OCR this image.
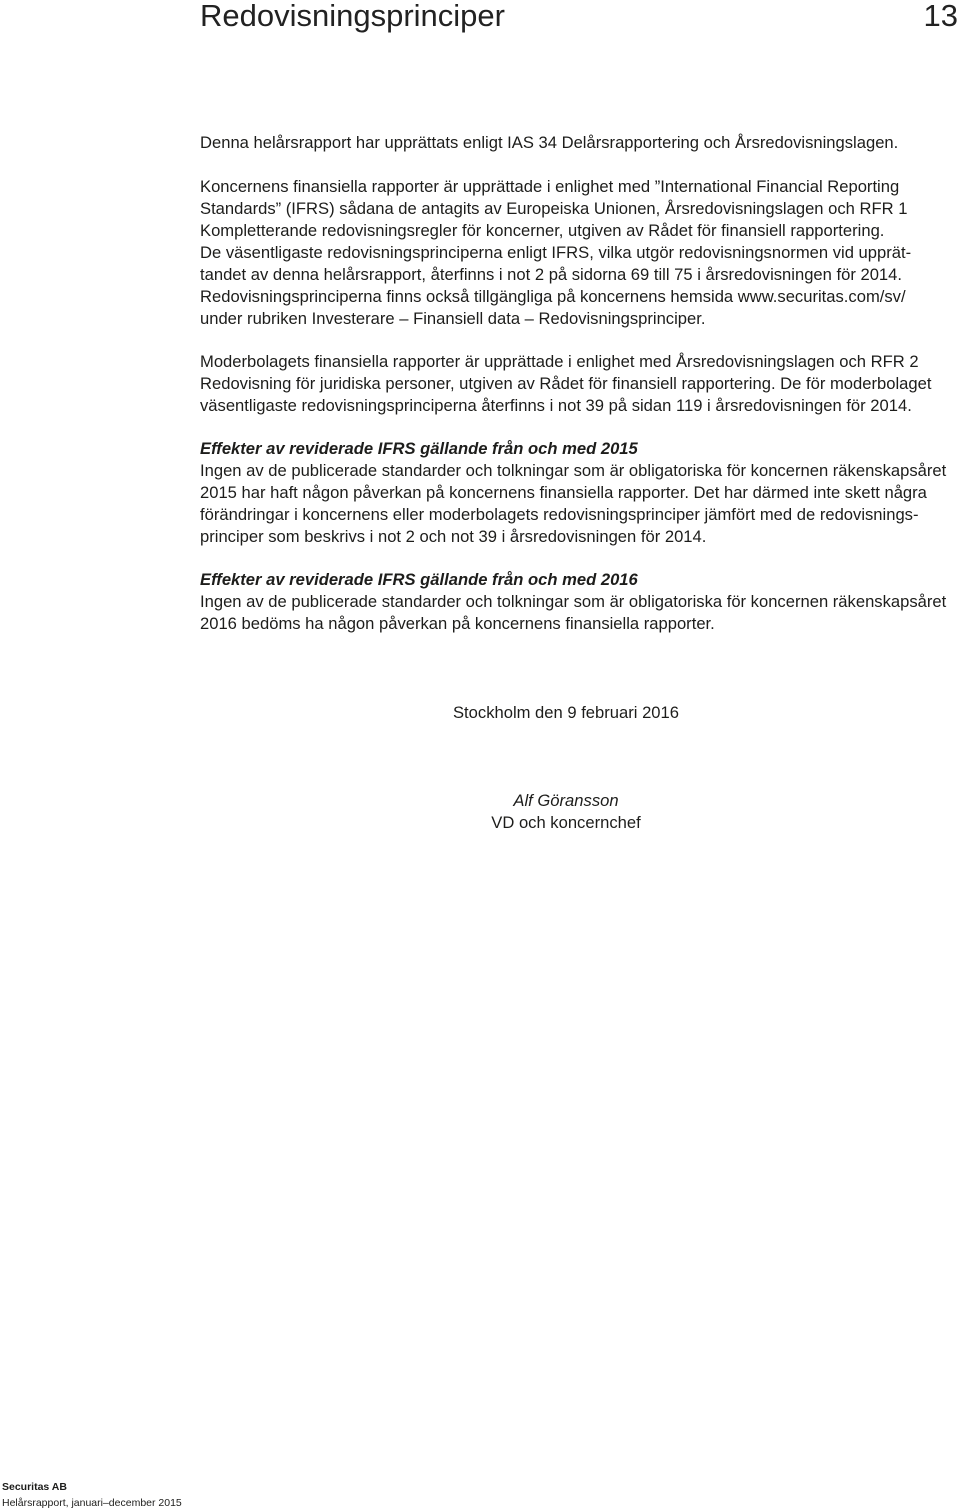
Redovisningsprinciper	13
Denna helårsrapport har upprättats enligt IAS 34 Delårsrapportering och Årsredovisningslagen.
Koncernens finansiella rapporter är upprättade i enlighet med ”International Financial Reporting
Standards” (IFRS) sådana de antagits av Europeiska Unionen, Årsredovisningslagen och RFR 1
Kompletterande redovisningsregler för koncerner, utgiven av Rådet för finansiell rapportering.
De väsentligaste redovisningsprinciperna enligt IFRS, vilka utgör redovisningsnormen vid upprät-
tandet av denna helårsrapport, återfinns i not 2 på sidorna 69 till 75 i årsredovisningen för 2014.
Redovisningsprinciperna finns också tillgängliga på koncernens hemsida www.securitas.com/sv/
under rubriken Investerare – Finansiell data – Redovisningsprinciper.
Moderbolagets finansiella rapporter är upprättade i enlighet med Årsredovisningslagen och RFR 2
Redovisning för juridiska personer, utgiven av Rådet för finansiell rapportering. De för moderbolaget
väsentligaste redovisningsprinciperna återfinns i not 39 på sidan 119 i årsredovisningen för 2014.
Effekter av reviderade IFRS gällande från och med 2015
Ingen av de publicerade standarder och tolkningar som är obligatoriska för koncernen räkenskapsåret
2015 har haft någon påverkan på koncernens finansiella rapporter. Det har därmed inte skett några
förändringar i koncernens eller moderbolagets redovisningsprinciper jämfört med de redovisnings-
principer som beskrivs i not 2 och not 39 i årsredovisningen för 2014.
Effekter av reviderade IFRS gällande från och med 2016
Ingen av de publicerade standarder och tolkningar som är obligatoriska för koncernen räkenskapsåret
2016 bedöms ha någon påverkan på koncernens finansiella rapporter.
Stockholm den 9 februari 2016
Alf Göransson
VD och koncernchef
Securitas AB
Helårsrapport, januari–december 2015
